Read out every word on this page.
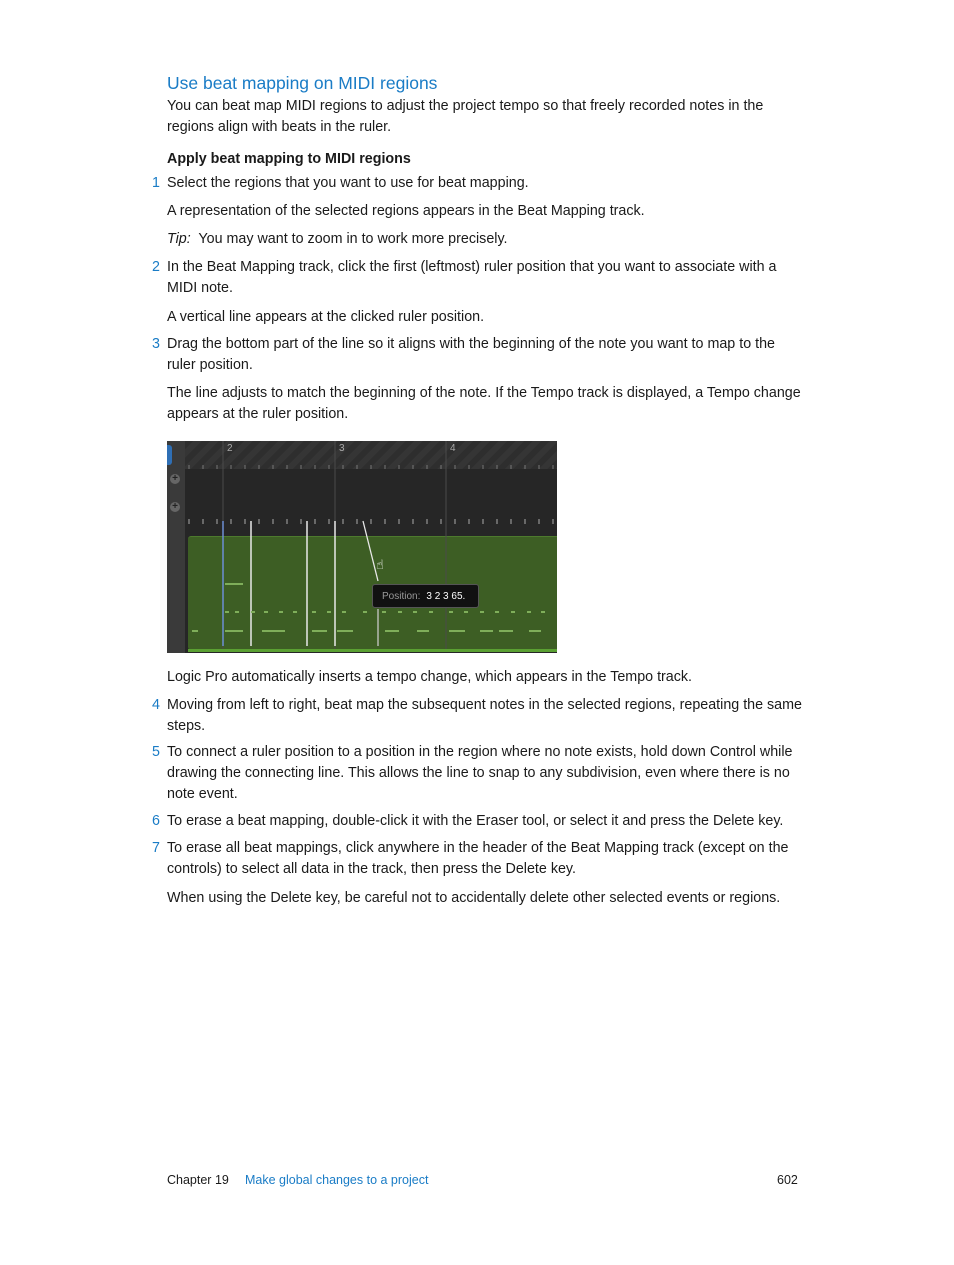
Use beat mapping on MIDI regions

You can beat map MIDI regions to adjust the project tempo so that freely recorded notes in the regions align with beats in the ruler.

Apply beat mapping to MIDI regions
1 Select the regions that you want to use for beat mapping.

A representation of the selected regions appears in the Beat Mapping track.

Tip: You may want to zoom in to work more precisely.

2 In the Beat Mapping track, click the first (leftmost) ruler position that you want to associate with a MIDI note.

A vertical line appears at the clicked ruler position.

3 Drag the bottom part of the line so it aligns with the beginning of the note you want to map to the ruler position.

The line adjusts to match the beginning of the note. If the Tempo track is displayed, a Tempo change appears at the ruler position.

+
+
2	3	4
☝
Position: 3 2 3 65.

Logic Pro automatically inserts a tempo change, which appears in the Tempo track.

4 Moving from left to right, beat map the subsequent notes in the selected regions, repeating the same steps.

5 To connect a ruler position to a position in the region where no note exists, hold down Control while drawing the connecting line. This allows the line to snap to any subdivision, even where there is no note event.

6 To erase a beat mapping, double-click it with the Eraser tool, or select it and press the Delete key.

7 To erase all beat mappings, click anywhere in the header of the Beat Mapping track (except on the controls) to select all data in the track, then press the Delete key.

When using the Delete key, be careful not to accidentally delete other selected events or regions.

Chapter 19 Make global changes to a project	602
